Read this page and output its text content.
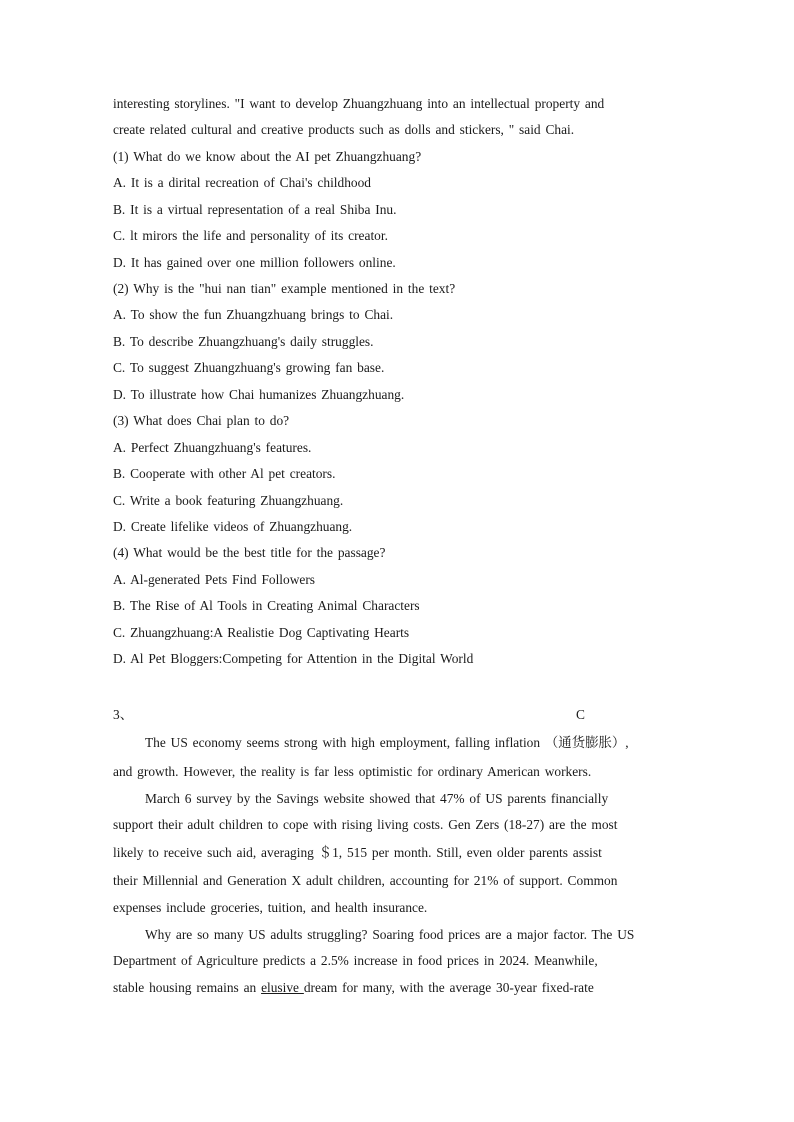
interesting storylines. "I want to develop Zhuangzhuang into an intellectual property and
create related cultural and creative products such as dolls and stickers, " said Chai.
(1) What do we know about the AI pet Zhuangzhuang?
A. It is a dirital recreation of Chai's childhood
B. It is a virtual representation of a real Shiba Inu.
C. lt mirors the life and personality of its creator.
D. It has gained over one million followers online.
(2) Why is the "hui nan tian" example mentioned in the text?
A. To show the fun Zhuangzhuang brings to Chai.
B. To describe Zhuangzhuang's daily struggles.
C. To suggest Zhuangzhuang's growing fan base.
D. To illustrate how Chai humanizes Zhuangzhuang.
(3) What does Chai plan to do?
A. Perfect Zhuangzhuang's features.
B. Cooperate with other Al pet creators.
C. Write a book featuring Zhuangzhuang.
D. Create lifelike videos of Zhuangzhuang.
(4) What would be the best title for the passage?
A. Al-generated Pets Find Followers
B. The Rise of Al Tools in Creating Animal Characters
C. Zhuangzhuang:A Realistie Dog Captivating Hearts
D. Al Pet Bloggers:Competing for Attention in the Digital World
3、	C
The US economy seems strong with high employment, falling inflation （通货膨胀）,
and growth. However, the reality is far less optimistic for ordinary American workers.
March 6 survey by the Savings website showed that 47% of US parents financially
support their adult children to cope with rising living costs. Gen Zers (18-27) are the most
likely to receive such aid, averaging ＄1, 515 per month. Still, even older parents assist
their Millennial and Generation X adult children, accounting for 21% of support. Common
expenses include groceries, tuition, and health insurance.
Why are so many US adults struggling? Soaring food prices are a major factor. The US
Department of Agriculture predicts a 2.5% increase in food prices in 2024. Meanwhile,
stable housing remains an elusive dream for many, with the average 30-year fixed-rate
